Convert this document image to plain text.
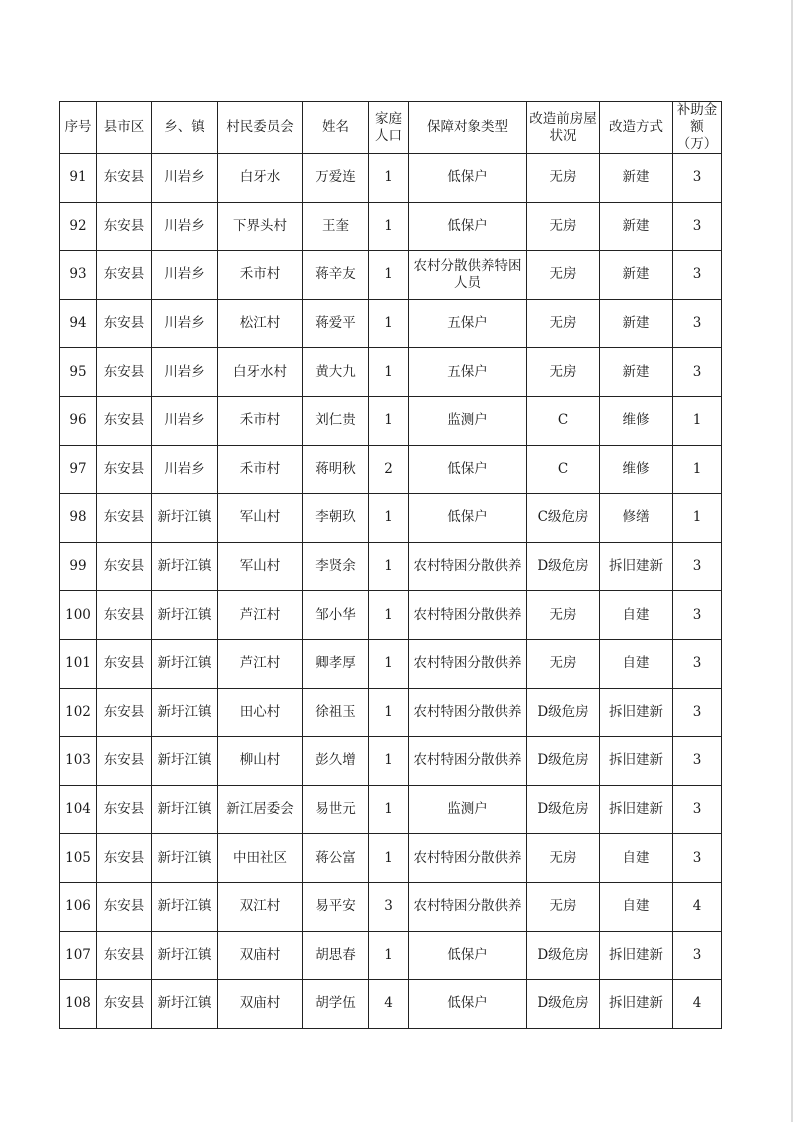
序号	县市区	乡、镇	村民委员会	姓名	家庭人口	保障对象类型	改造前房屋状况	改造方式	补助金额（万）
91	东安县	川岩乡	白牙水	万爱连	1	低保户	无房	新建	3
92	东安县	川岩乡	下界头村	王奎	1	低保户	无房	新建	3
93	东安县	川岩乡	禾市村	蒋辛友	1	农村分散供养特困人员	无房	新建	3
94	东安县	川岩乡	松江村	蒋爱平	1	五保户	无房	新建	3
95	东安县	川岩乡	白牙水村	黄大九	1	五保户	无房	新建	3
96	东安县	川岩乡	禾市村	刘仁贵	1	监测户	C	维修	1
97	东安县	川岩乡	禾市村	蒋明秋	2	低保户	C	维修	1
98	东安县	新圩江镇	军山村	李朝玖	1	低保户	C级危房	修缮	1
99	东安县	新圩江镇	军山村	李贤余	1	农村特困分散供养	D级危房	拆旧建新	3
100	东安县	新圩江镇	芦江村	邹小华	1	农村特困分散供养	无房	自建	3
101	东安县	新圩江镇	芦江村	卿孝厚	1	农村特困分散供养	无房	自建	3
102	东安县	新圩江镇	田心村	徐祖玉	1	农村特困分散供养	D级危房	拆旧建新	3
103	东安县	新圩江镇	柳山村	彭久增	1	农村特困分散供养	D级危房	拆旧建新	3
104	东安县	新圩江镇	新江居委会	易世元	1	监测户	D级危房	拆旧建新	3
105	东安县	新圩江镇	中田社区	蒋公富	1	农村特困分散供养	无房	自建	3
106	东安县	新圩江镇	双江村	易平安	3	农村特困分散供养	无房	自建	4
107	东安县	新圩江镇	双庙村	胡思春	1	低保户	D级危房	拆旧建新	3
108	东安县	新圩江镇	双庙村	胡学伍	4	低保户	D级危房	拆旧建新	4
